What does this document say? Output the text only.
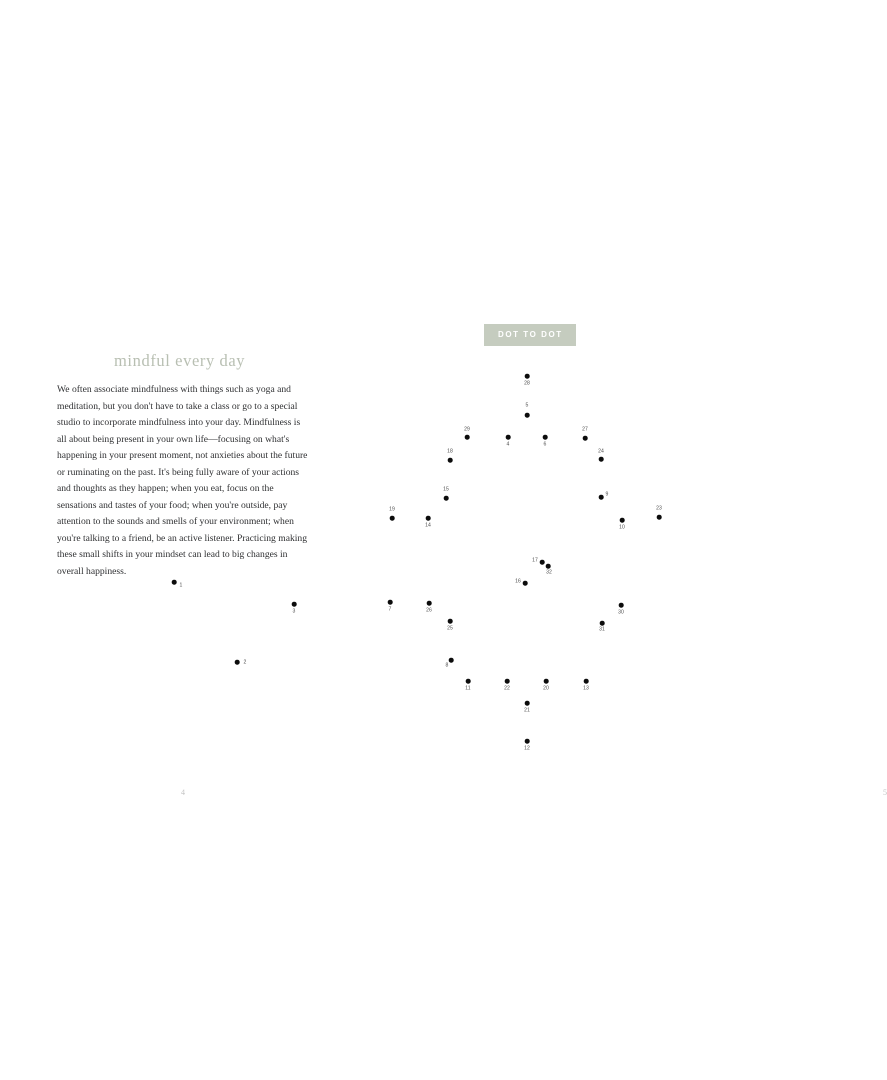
mindful every day

We often associate mindfulness with things such as yoga and meditation, but you don't have to take a class or go to a special studio to incorporate mindfulness into your day. Mindfulness is all about being present in your own life—focusing on what's happening in your present moment, not anxieties about the future or ruminating on the past. It's being fully aware of your actions and thoughts as they happen; when you eat, focus on the sensations and tastes of your food; when you're outside, pay attention to the sounds and smells of your environment; when you're talking to a friend, be an active listener. Practicing making these small shifts in your mindset can lead to big changes in overall happiness.

4
DOT TO DOT
5
1
2
3
4
5
6
7
8
9
10
11
12
13
14
15
16
17
18
19
20
21
22
23
24
25
26
27
28
29
30
31
32
